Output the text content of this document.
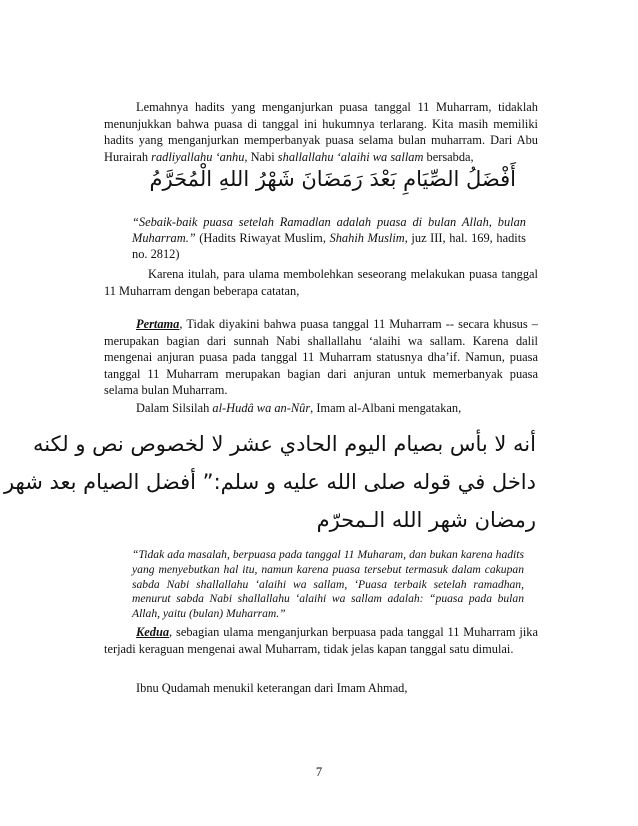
Lemahnya hadits yang menganjurkan puasa tanggal 11 Muharram, tidaklah menunjukkan bahwa puasa di tanggal ini hukumnya terlarang. Kita masih memiliki hadits yang menganjurkan memperbanyak puasa selama bulan muharram. Dari Abu Hurairah radliyallahu ‘anhu, Nabi shallallahu ‘alaihi wa sallam bersabda,

أَفْضَلُ الصِّيَامِ بَعْدَ رَمَضَانَ شَهْرُ اللهِ الْمُحَرَّمُ

“Sebaik-baik puasa setelah Ramadlan adalah puasa di bulan Allah, bulan Muharram.” (Hadits Riwayat Muslim, Shahih Muslim, juz III, hal. 169, hadits no. 2812)

Karena itulah, para ulama membolehkan seseorang melakukan puasa tanggal 11 Muharram dengan beberapa catatan,

Pertama, Tidak diyakini bahwa puasa tanggal 11 Muharram -- secara khusus – merupakan bagian dari sunnah Nabi shallallahu ‘alaihi wa sallam. Karena dalil mengenai anjuran puasa pada tanggal 11 Muharram statusnya dha’if. Namun, puasa tanggal 11 Muharram merupakan bagian dari anjuran untuk memerbanyak puasa selama bulan Muharram.

Dalam Silsilah al-Hudâ wa an-Nûr, Imam al-Albani mengatakan,

أنه لا بأس بصيام اليوم الحادي عشر لا لخصوص نص و لكنه

داخل في قوله صلى الله عليه و سلم:” أفضل الصيام بعد شهر

رمضان شهر الله الـمحرّم

“Tidak ada masalah, berpuasa pada tanggal 11 Muharam, dan bukan karena hadits yang menyebutkan hal itu, namun karena puasa tersebut termasuk dalam cakupan sabda Nabi shallallahu ‘alaihi wa sallam, ‘Puasa terbaik setelah ramadhan, menurut sabda Nabi shallallahu ‘alaihi wa sallam adalah: “puasa pada bulan Allah, yaitu (bulan) Muharram.”

Kedua, sebagian ulama menganjurkan berpuasa pada tanggal 11 Muharram jika terjadi keraguan mengenai awal Muharram, tidak jelas kapan tanggal satu dimulai.

Ibnu Qudamah menukil keterangan dari Imam Ahmad,

7
